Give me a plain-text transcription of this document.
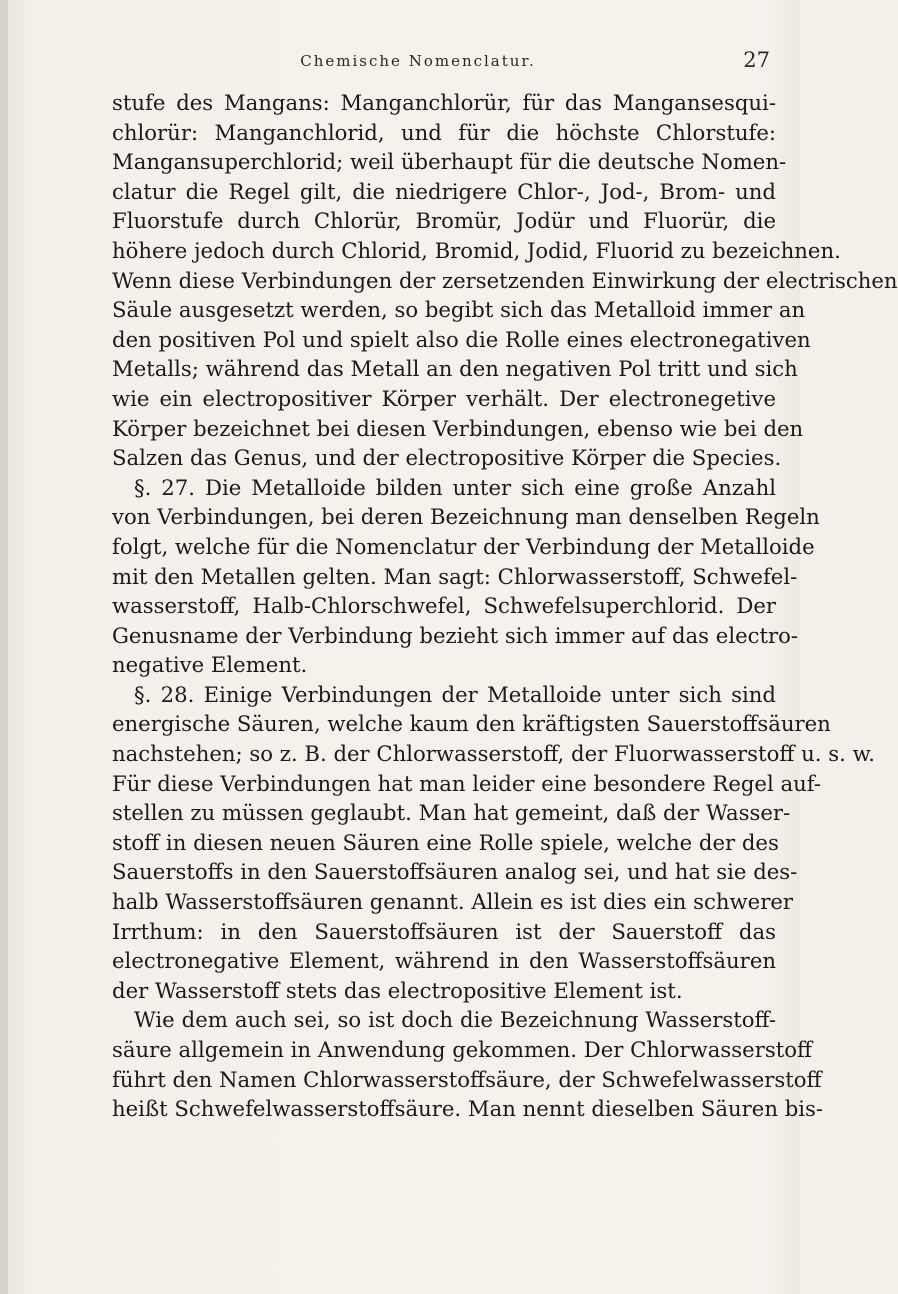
Chemische Nomenclatur.	27
stufe des Mangans: Manganchlorür, für das Mangansesqui-
chlorür: Manganchlorid, und für die höchste Chlorstufe:
Mangansuperchlorid; weil überhaupt für die deutsche Nomen-
clatur die Regel gilt, die niedrigere Chlor-, Jod-, Brom- und
Fluorstufe durch Chlorür, Bromür, Jodür und Fluorür, die
höhere jedoch durch Chlorid, Bromid, Jodid, Fluorid zu bezeichnen.
Wenn diese Verbindungen der zersetzenden Einwirkung der electrischen
Säule ausgesetzt werden, so begibt sich das Metalloid immer an
den positiven Pol und spielt also die Rolle eines electronegativen
Metalls; während das Metall an den negativen Pol tritt und sich
wie ein electropositiver Körper verhält. Der electronegetive
Körper bezeichnet bei diesen Verbindungen, ebenso wie bei den
Salzen das Genus, und der electropositive Körper die Species.
§. 27. Die Metalloide bilden unter sich eine große Anzahl
von Verbindungen, bei deren Bezeichnung man denselben Regeln
folgt, welche für die Nomenclatur der Verbindung der Metalloide
mit den Metallen gelten. Man sagt: Chlorwasserstoff, Schwefel-
wasserstoff, Halb-Chlorschwefel, Schwefelsuperchlorid. Der
Genusname der Verbindung bezieht sich immer auf das electro-
negative Element.
§. 28. Einige Verbindungen der Metalloide unter sich sind
energische Säuren, welche kaum den kräftigsten Sauerstoffsäuren
nachstehen; so z. B. der Chlorwasserstoff, der Fluorwasserstoff u. s. w.
Für diese Verbindungen hat man leider eine besondere Regel auf-
stellen zu müssen geglaubt. Man hat gemeint, daß der Wasser-
stoff in diesen neuen Säuren eine Rolle spiele, welche der des
Sauerstoffs in den Sauerstoffsäuren analog sei, und hat sie des-
halb Wasserstoffsäuren genannt. Allein es ist dies ein schwerer
Irrthum: in den Sauerstoffsäuren ist der Sauerstoff das
electronegative Element, während in den Wasserstoffsäuren
der Wasserstoff stets das electropositive Element ist.
Wie dem auch sei, so ist doch die Bezeichnung Wasserstoff-
säure allgemein in Anwendung gekommen. Der Chlorwasserstoff
führt den Namen Chlorwasserstoffsäure, der Schwefelwasserstoff
heißt Schwefelwasserstoffsäure. Man nennt dieselben Säuren bis-
